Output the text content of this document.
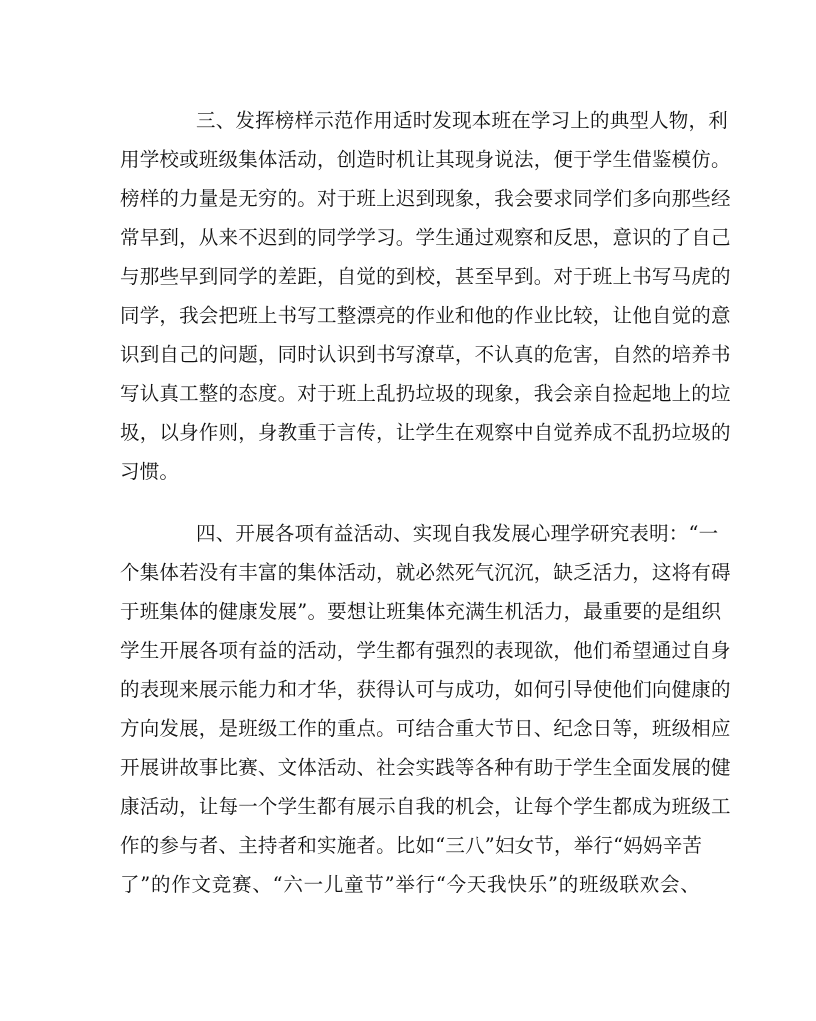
三、发挥榜样示范作用适时发现本班在学习上的典型人物，利
用学校或班级集体活动，创造时机让其现身说法，便于学生借鉴模仿。
榜样的力量是无穷的。对于班上迟到现象，我会要求同学们多向那些经
常早到，从来不迟到的同学学习。学生通过观察和反思，意识的了自己
与那些早到同学的差距，自觉的到校，甚至早到。对于班上书写马虎的
同学，我会把班上书写工整漂亮的作业和他的作业比较，让他自觉的意
识到自己的问题，同时认识到书写潦草，不认真的危害，自然的培养书
写认真工整的态度。对于班上乱扔垃圾的现象，我会亲自捡起地上的垃
圾，以身作则，身教重于言传，让学生在观察中自觉养成不乱扔垃圾的
习惯。
四、开展各项有益活动、实现自我发展心理学研究表明：“一
个集体若没有丰富的集体活动，就必然死气沉沉，缺乏活力，这将有碍
于班集体的健康发展”。要想让班集体充满生机活力，最重要的是组织
学生开展各项有益的活动，学生都有强烈的表现欲，他们希望通过自身
的表现来展示能力和才华，获得认可与成功，如何引导使他们向健康的
方向发展，是班级工作的重点。可结合重大节日、纪念日等，班级相应
开展讲故事比赛、文体活动、社会实践等各种有助于学生全面发展的健
康活动，让每一个学生都有展示自我的机会，让每个学生都成为班级工
作的参与者、主持者和实施者。比如“三八”妇女节，举行“妈妈辛苦
了”的作文竞赛、“六一儿童节”举行“今天我快乐”的班级联欢会、
